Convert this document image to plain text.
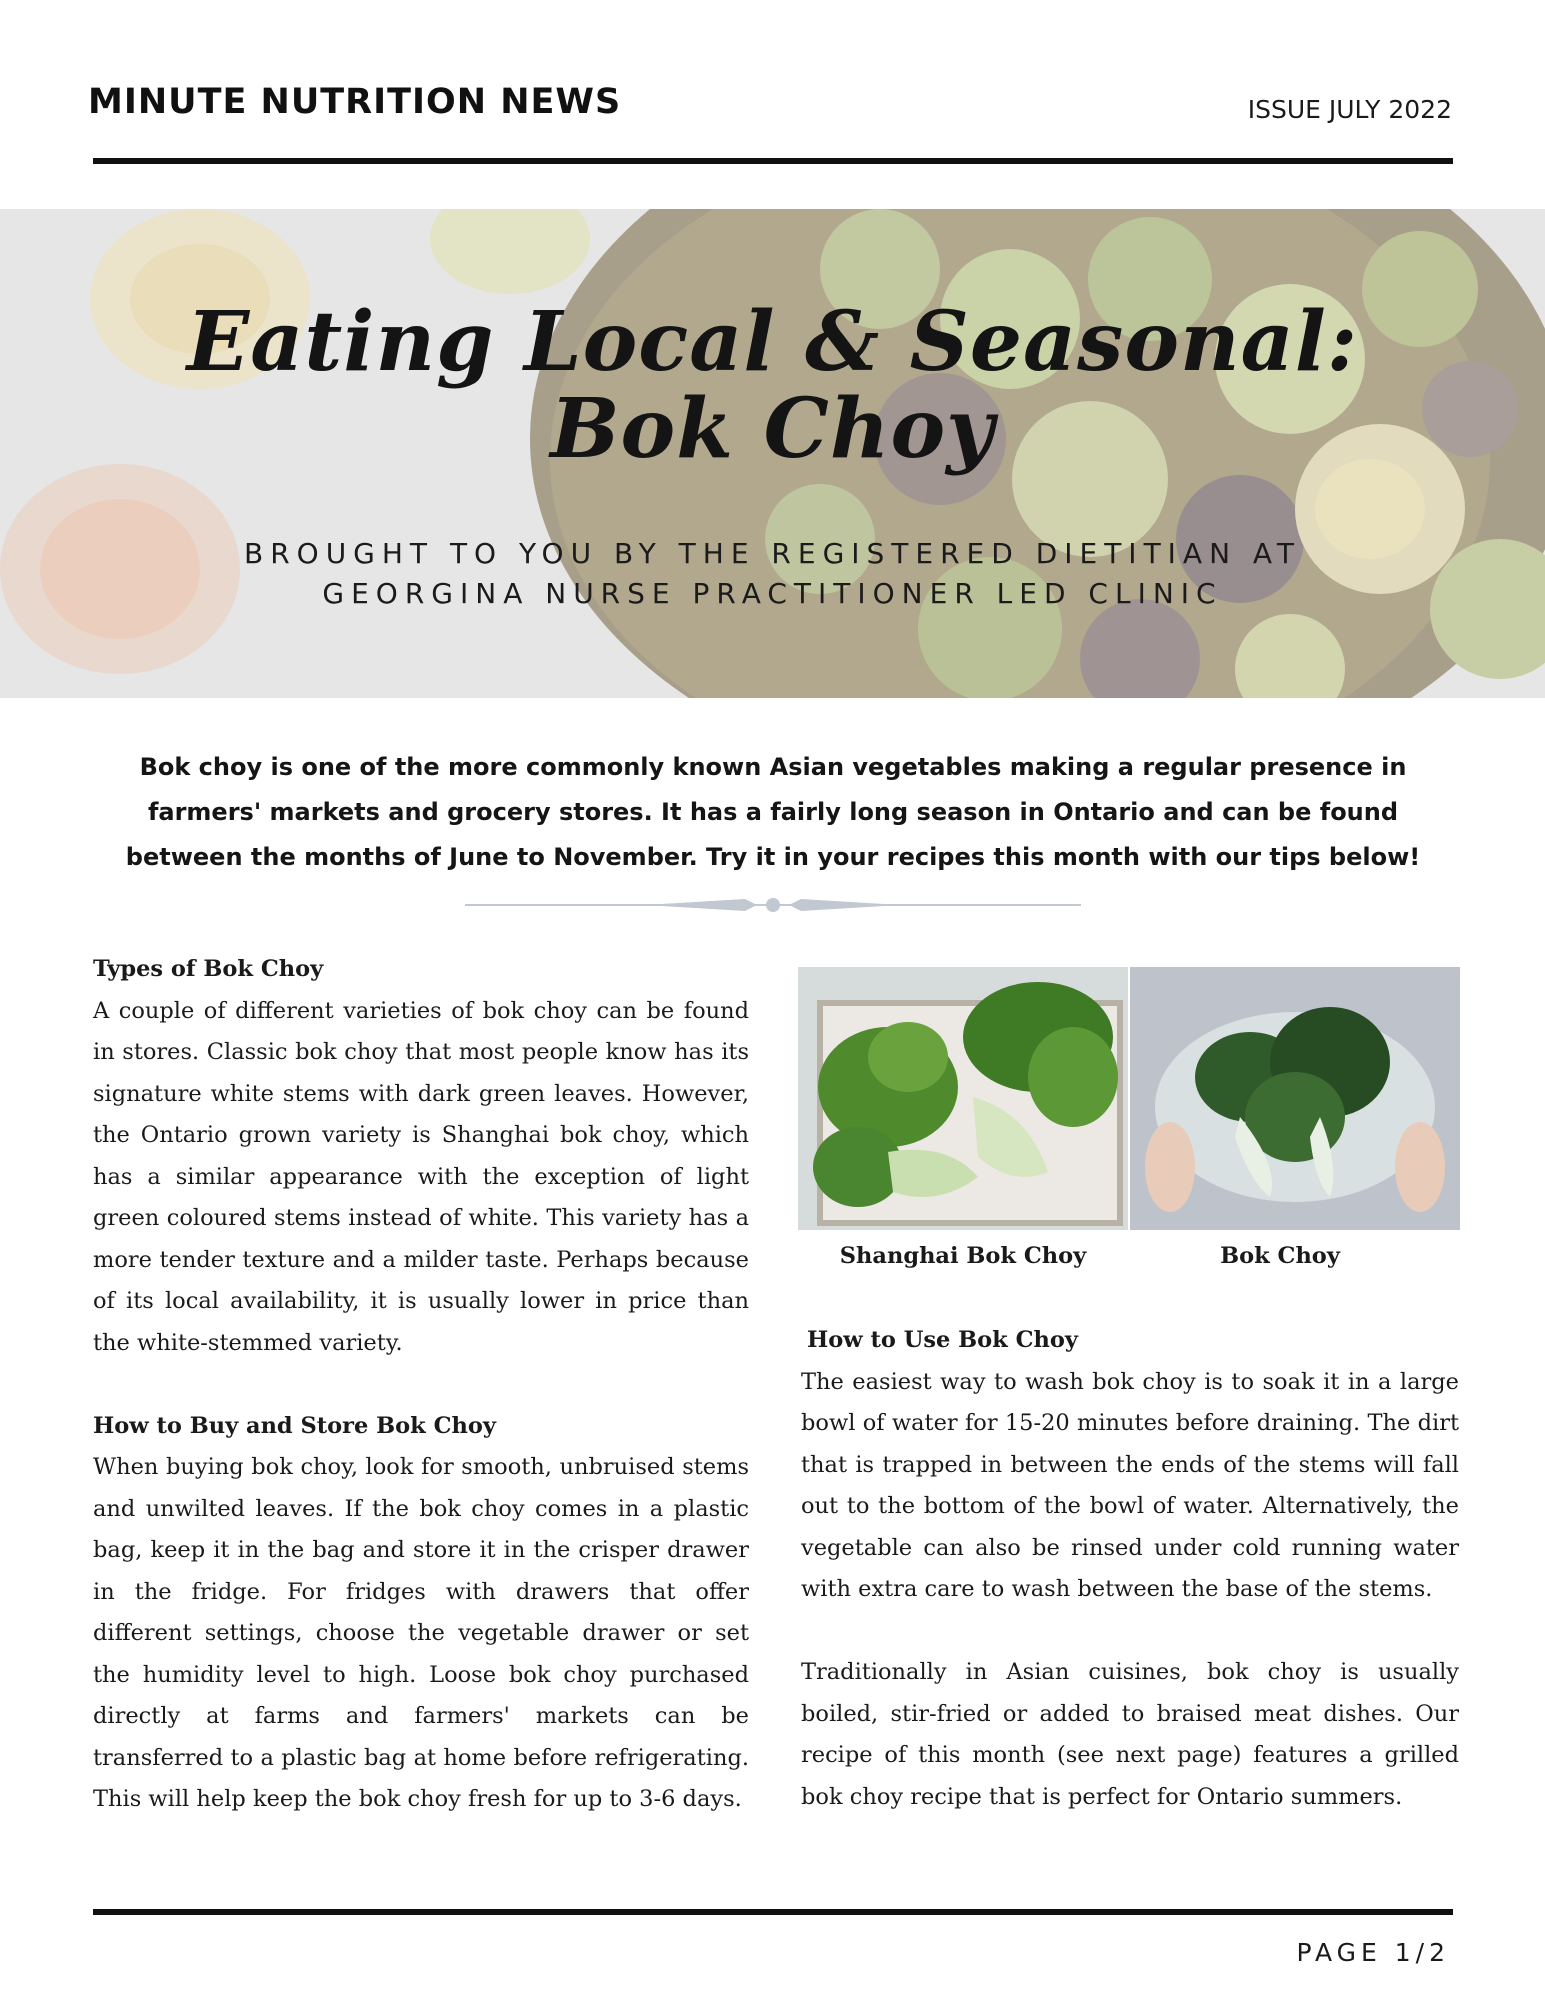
MINUTE NUTRITION NEWS	ISSUE JULY 2022
Eating Local & Seasonal:
Bok Choy
BROUGHT TO YOU BY THE REGISTERED DIETITIAN AT
GEORGINA NURSE PRACTITIONER LED CLINIC
Bok choy is one of the more commonly known Asian vegetables making a regular presence in farmers' markets and grocery stores. It has a fairly long season in Ontario and can be found between the months of June to November. Try it in your recipes this month with our tips below!
Types of Bok Choy

A couple of different varieties of bok choy can be found in stores. Classic bok choy that most people know has its signature white stems with dark green leaves. However, the Ontario grown variety is Shanghai bok choy, which has a similar appearance with the exception of light green coloured stems instead of white. This variety has a more tender texture and a milder taste. Perhaps because of its local availability, it is usually lower in price than the white-stemmed variety.

How to Buy and Store Bok Choy

When buying bok choy, look for smooth, unbruised stems and unwilted leaves. If the bok choy comes in a plastic bag, keep it in the bag and store it in the crisper drawer in the fridge. For fridges with drawers that offer different settings, choose the vegetable drawer or set the humidity level to high. Loose bok choy purchased directly at farms and farmers' markets can be transferred to a plastic bag at home before refrigerating. This will help keep the bok choy fresh for up to 3-6 days.

Shanghai Bok Choy	Bok Choy
How to Use Bok Choy

The easiest way to wash bok choy is to soak it in a large bowl of water for 15-20 minutes before draining. The dirt that is trapped in between the ends of the stems will fall out to the bottom of the bowl of water. Alternatively, the vegetable can also be rinsed under cold running water with extra care to wash between the base of the stems.

Traditionally in Asian cuisines, bok choy is usually boiled, stir-fried or added to braised meat dishes. Our recipe of this month (see next page) features a grilled bok choy recipe that is perfect for Ontario summers.

PAGE 1/2
